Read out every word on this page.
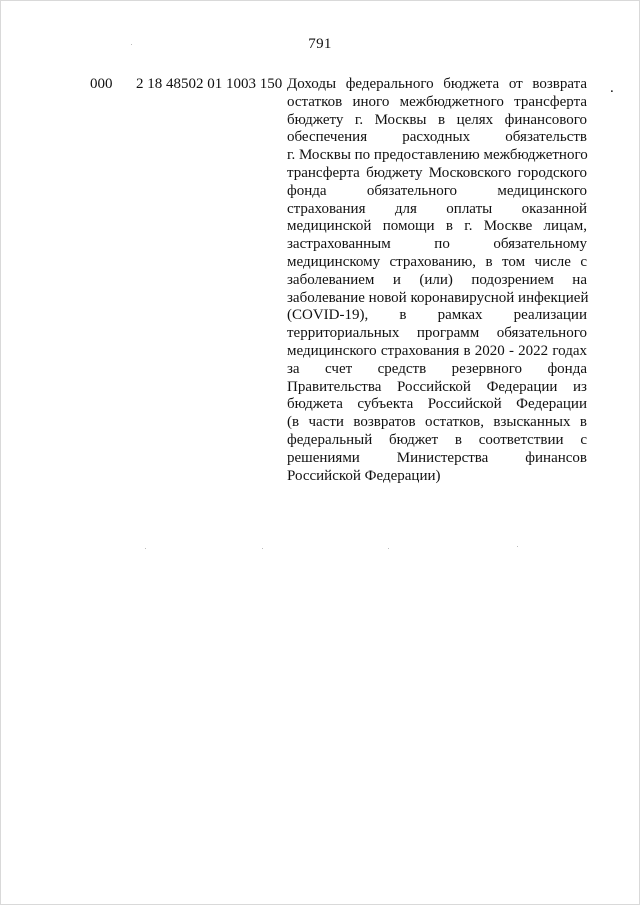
791
000 2 18 48502 01 1003 150	.
Доходы федерального бюджета от возврата
остатков иного межбюджетного трансферта
бюджету г. Москвы в целях финансового
обеспечения расходных обязательств
г. Москвы по предоставлению межбюджетного
трансферта бюджету Московского городского
фонда обязательного медицинского
страхования для оплаты оказанной
медицинской помощи в г. Москве лицам,
застрахованным по обязательному
медицинскому страхованию, в том числе с
заболеванием и (или) подозрением на
заболевание новой коронавирусной инфекцией
(COVID-19), в рамках реализации
территориальных программ обязательного
медицинского страхования в 2020 - 2022 годах
за счет средств резервного фонда
Правительства Российской Федерации из
бюджета субъекта Российской Федерации
(в части возвратов остатков, взысканных в
федеральный бюджет в соответствии с
решениями Министерства финансов
Российской Федерации)
